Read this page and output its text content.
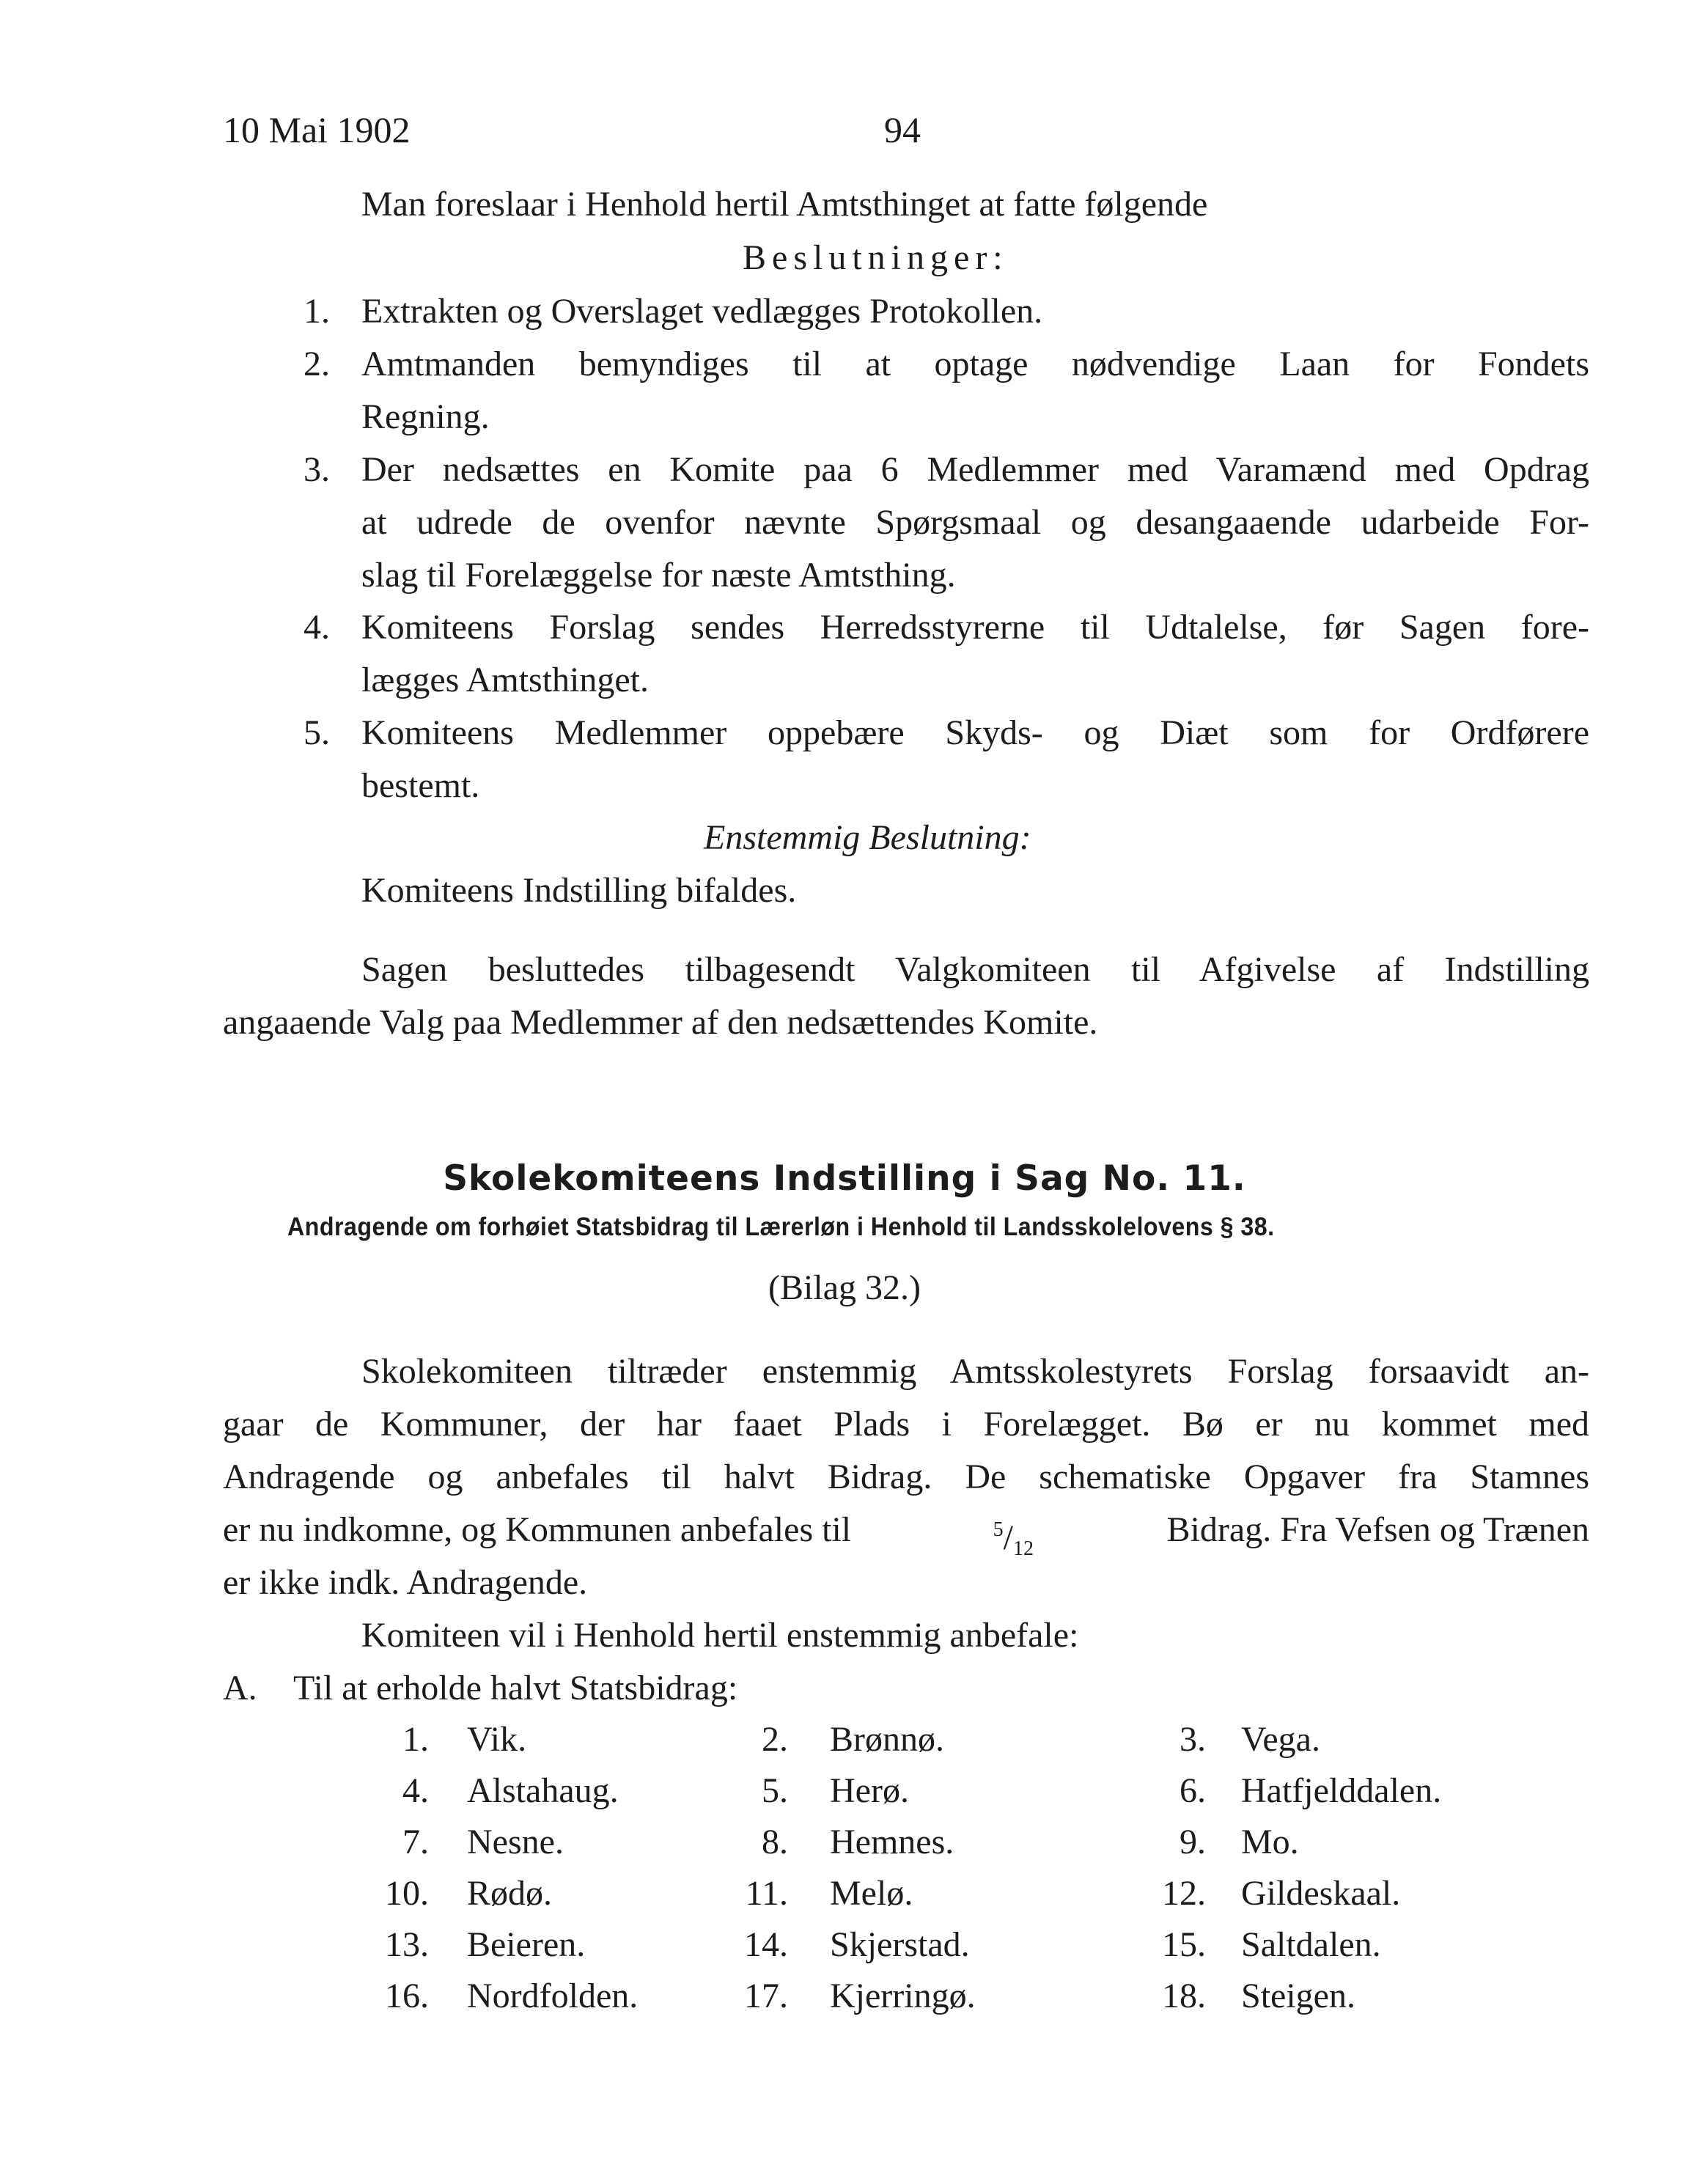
10 Mai 1902	94
Man foreslaar i Henhold hertil Amtsthinget at fatte følgende
Beslutninger:
1. Extrakten og Overslaget vedlægges Protokollen.
2. Amtmanden bemyndiges til at optage nødvendige Laan for Fondets
Regning.
3. Der nedsættes en Komite paa 6 Medlemmer med Varamænd med Opdrag
at udrede de ovenfor nævnte Spørgsmaal og desangaaende udarbeide For-
slag til Forelæggelse for næste Amtsthing.
4. Komiteens Forslag sendes Herredsstyrerne til Udtalelse, før Sagen fore-
lægges Amtsthinget.
5. Komiteens Medlemmer oppebære Skyds- og Diæt som for Ordførere
bestemt.
Enstemmig Beslutning:
Komiteens Indstilling bifaldes.
Sagen besluttedes tilbagesendt Valgkomiteen til Afgivelse af Indstilling
angaaende Valg paa Medlemmer af den nedsættendes Komite.
Skolekomiteens Indstilling i Sag No. 11.
Andragende om forhøiet Statsbidrag til Lærerløn i Henhold til Landsskolelovens § 38.
(Bilag 32.)
Skolekomiteen tiltræder enstemmig Amtsskolestyrets Forslag forsaavidt an-
gaar de Kommuner, der har faaet Plads i Forelægget. Bø er nu kommet med
Andragende og anbefales til halvt Bidrag. De schematiske Opgaver fra Stamnes
er nu indkomne, og Kommunen anbefales til	$^5/_{12}$	Bidrag. Fra Vefsen og Trænen
er ikke indk. Andragende.
Komiteen vil i Henhold hertil enstemmig anbefale:
A. Til at erholde halvt Statsbidrag:
1. Vik.	2. Brønnø.	3. Vega.
4. Alstahaug.	5. Herø.	6. Hatfjelddalen.
7. Nesne.	8. Hemnes.	9. Mo.
10. Rødø.	11. Melø.	12. Gildeskaal.
13. Beieren.	14. Skjerstad.	15. Saltdalen.
16. Nordfolden.	17. Kjerringø.	18. Steigen.
